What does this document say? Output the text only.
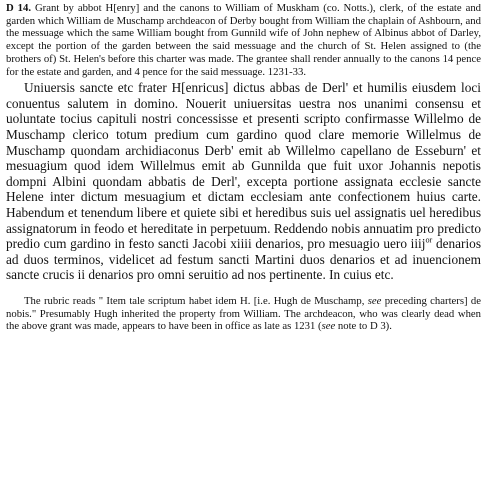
D 14. Grant by abbot H[enry] and the canons to William of Muskham (co. Notts.), clerk, of the estate and garden which William de Muschamp archdeacon of Derby bought from William the chaplain of Ashbourn, and the messuage which the same William bought from Gunnild wife of John nephew of Albinus abbot of Darley, except the portion of the garden between the said messuage and the church of St. Helen assigned to (the brothers of) St. Helen's before this charter was made. The grantee shall render annually to the canons 14 pence for the estate and garden, and 4 pence for the said messuage. 1231-33.

Uniuersis sancte etc frater H[enricus] dictus abbas de Derl' et humilis eiusdem loci conuentus salutem in domino. Nouerit uniuersitas uestra nos unanimi consensu et uoluntate tocius capituli nostri concessisse et presenti scripto confirmasse Willelmo de Muschamp clerico totum predium cum gardino quod clare memorie Willelmus de Muschamp quondam archidiaconus Derb' emit ab Willelmo capellano de Esseburn' et mesuagium quod idem Willelmus emit ab Gunnilda que fuit uxor Johannis nepotis dompni Albini quondam abbatis de Derl', excepta portione assignata ecclesie sancte Helene inter dictum mesuagium et dictam ecclesiam ante confectionem huius carte. Habendum et tenendum libere et quiete sibi et heredibus suis uel assignatis uel heredibus assignatorum in feodo et hereditate in perpetuum. Reddendo nobis annuatim pro predicto predio cum gardino in festo sancti Jacobi xiiii denarios, pro mesuagio uero iiij$^{or}$ denarios ad duos terminos, videlicet ad festum sancti Martini duos denarios et ad inuencionem sancte crucis ii denarios pro omni seruitio ad nos pertinente. In cuius etc.

The rubric reads " Item tale scriptum habet idem H. [i.e. Hugh de Muschamp, see preceding charters] de nobis." Presumably Hugh inherited the property from William. The archdeacon, who was clearly dead when the above grant was made, appears to have been in office as late as 1231 (see note to D 3).
